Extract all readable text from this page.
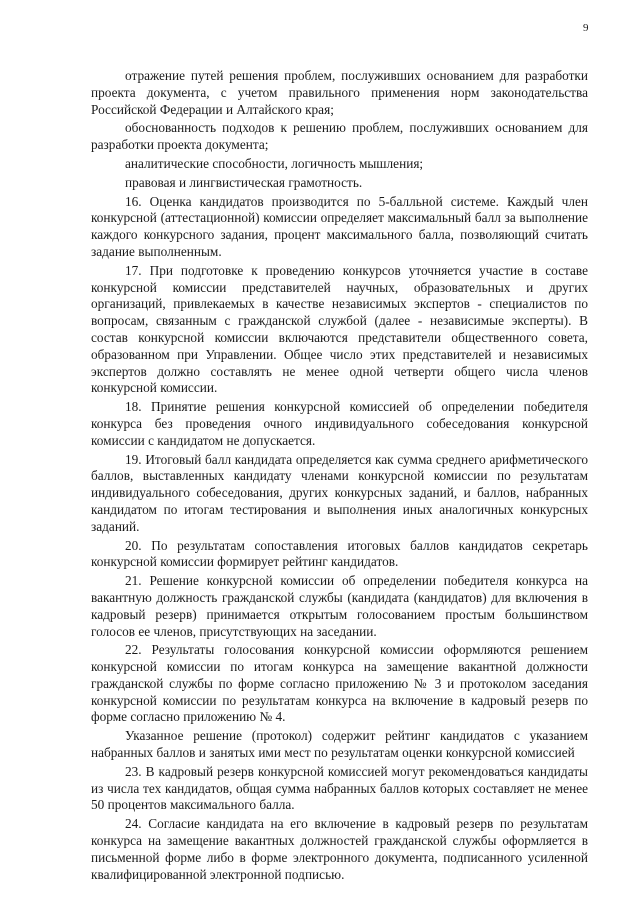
9

отражение путей решения проблем, послуживших основанием для разработки проекта документа, с учетом правильного применения норм законодательства Российской Федерации и Алтайского края;

обоснованность подходов к решению проблем, послуживших основанием для разработки проекта документа;

аналитические способности, логичность мышления;

правовая и лингвистическая грамотность.

16. Оценка кандидатов производится по 5-балльной системе. Каждый член конкурсной (аттестационной) комиссии определяет максимальный балл за выполнение каждого конкурсного задания, процент максимального балла, позволяющий считать задание выполненным.

17. При подготовке к проведению конкурсов уточняется участие в составе конкурсной комиссии представителей научных, образовательных и других организаций, привлекаемых в качестве независимых экспертов - специалистов по вопросам, связанным с гражданской службой (далее - независимые эксперты). В состав конкурсной комиссии включаются представители общественного совета, образованном при Управлении. Общее число этих представителей и независимых экспертов должно составлять не менее одной четверти общего числа членов конкурсной комиссии.

18. Принятие решения конкурсной комиссией об определении победителя конкурса без проведения очного индивидуального собеседования конкурсной комиссии с кандидатом не допускается.

19. Итоговый балл кандидата определяется как сумма среднего арифметического баллов, выставленных кандидату членами конкурсной комиссии по результатам индивидуального собеседования, других конкурсных заданий, и баллов, набранных кандидатом по итогам тестирования и выполнения иных аналогичных конкурсных заданий.

20. По результатам сопоставления итоговых баллов кандидатов секретарь конкурсной комиссии формирует рейтинг кандидатов.

21. Решение конкурсной комиссии об определении победителя конкурса на вакантную должность гражданской службы (кандидата (кандидатов) для включения в кадровый резерв) принимается открытым голосованием простым большинством голосов ее членов, присутствующих на заседании.

22. Результаты голосования конкурсной комиссии оформляются решением конкурсной комиссии по итогам конкурса на замещение вакантной должности гражданской службы по форме согласно приложению № 3 и протоколом заседания конкурсной комиссии по результатам конкурса на включение в кадровый резерв по форме согласно приложению № 4.

Указанное решение (протокол) содержит рейтинг кандидатов с указанием набранных баллов и занятых ими мест по результатам оценки конкурсной комиссией

23. В кадровый резерв конкурсной комиссией могут рекомендоваться кандидаты из числа тех кандидатов, общая сумма набранных баллов которых составляет не менее 50 процентов максимального балла.

24. Согласие кандидата на его включение в кадровый резерв по результатам конкурса на замещение вакантных должностей гражданской службы оформляется в письменной форме либо в форме электронного документа, подписанного усиленной квалифицированной электронной подписью.
